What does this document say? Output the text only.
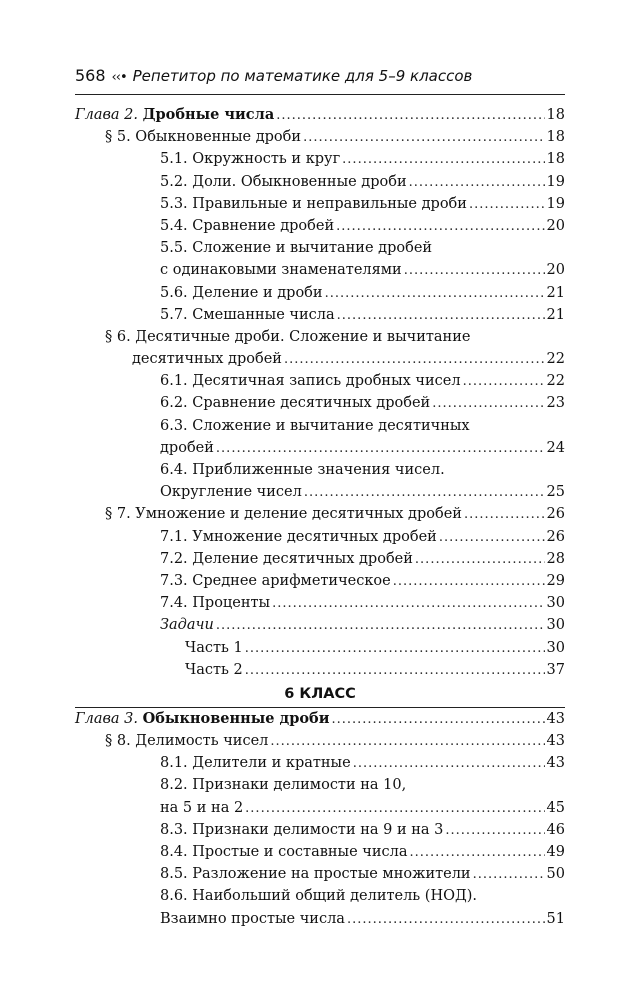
568 ‹‹• Репетитор по математике для 5–9 классов
Глава 2. Дробные числа .....	18
§ 5. Обыкновенные дроби .....	18
5.1. Окружность и круг .....	18
5.2. Доли. Обыкновенные дроби .....	19
5.3. Правильные и неправильные дроби .....	19
5.4. Сравнение дробей .....	20
5.5. Сложение и вычитание дробей
с одинаковыми знаменателями .....	20
5.6. Деление и дроби .....	21
5.7. Смешанные числа .....	21
§ 6. Десятичные дроби. Сложение и вычитание
десятичных дробей .....	22
6.1. Десятичная запись дробных чисел .....	22
6.2. Сравнение десятичных дробей .....	23
6.3. Сложение и вычитание десятичных
дробей .....	24
6.4. Приближенные значения чисел.
Округление чисел .....	25
§ 7. Умножение и деление десятичных дробей .....	26
7.1. Умножение десятичных дробей .....	26
7.2. Деление десятичных дробей .....	28
7.3. Среднее арифметическое .....	29
7.4. Проценты .....	30
Задачи .....	30
Часть 1 .....	30
Часть 2 .....	37
6 КЛАСС
Глава 3. Обыкновенные дроби .....	43
§ 8. Делимость чисел .....	43
8.1. Делители и кратные .....	43
8.2. Признаки делимости на 10,
на 5 и на 2 .....	45
8.3. Признаки делимости на 9 и на 3 .....	46
8.4. Простые и составные числа .....	49
8.5. Разложение на простые множители .....	50
8.6. Наибольший общий делитель (НОД).
Взаимно простые числа .....	51
